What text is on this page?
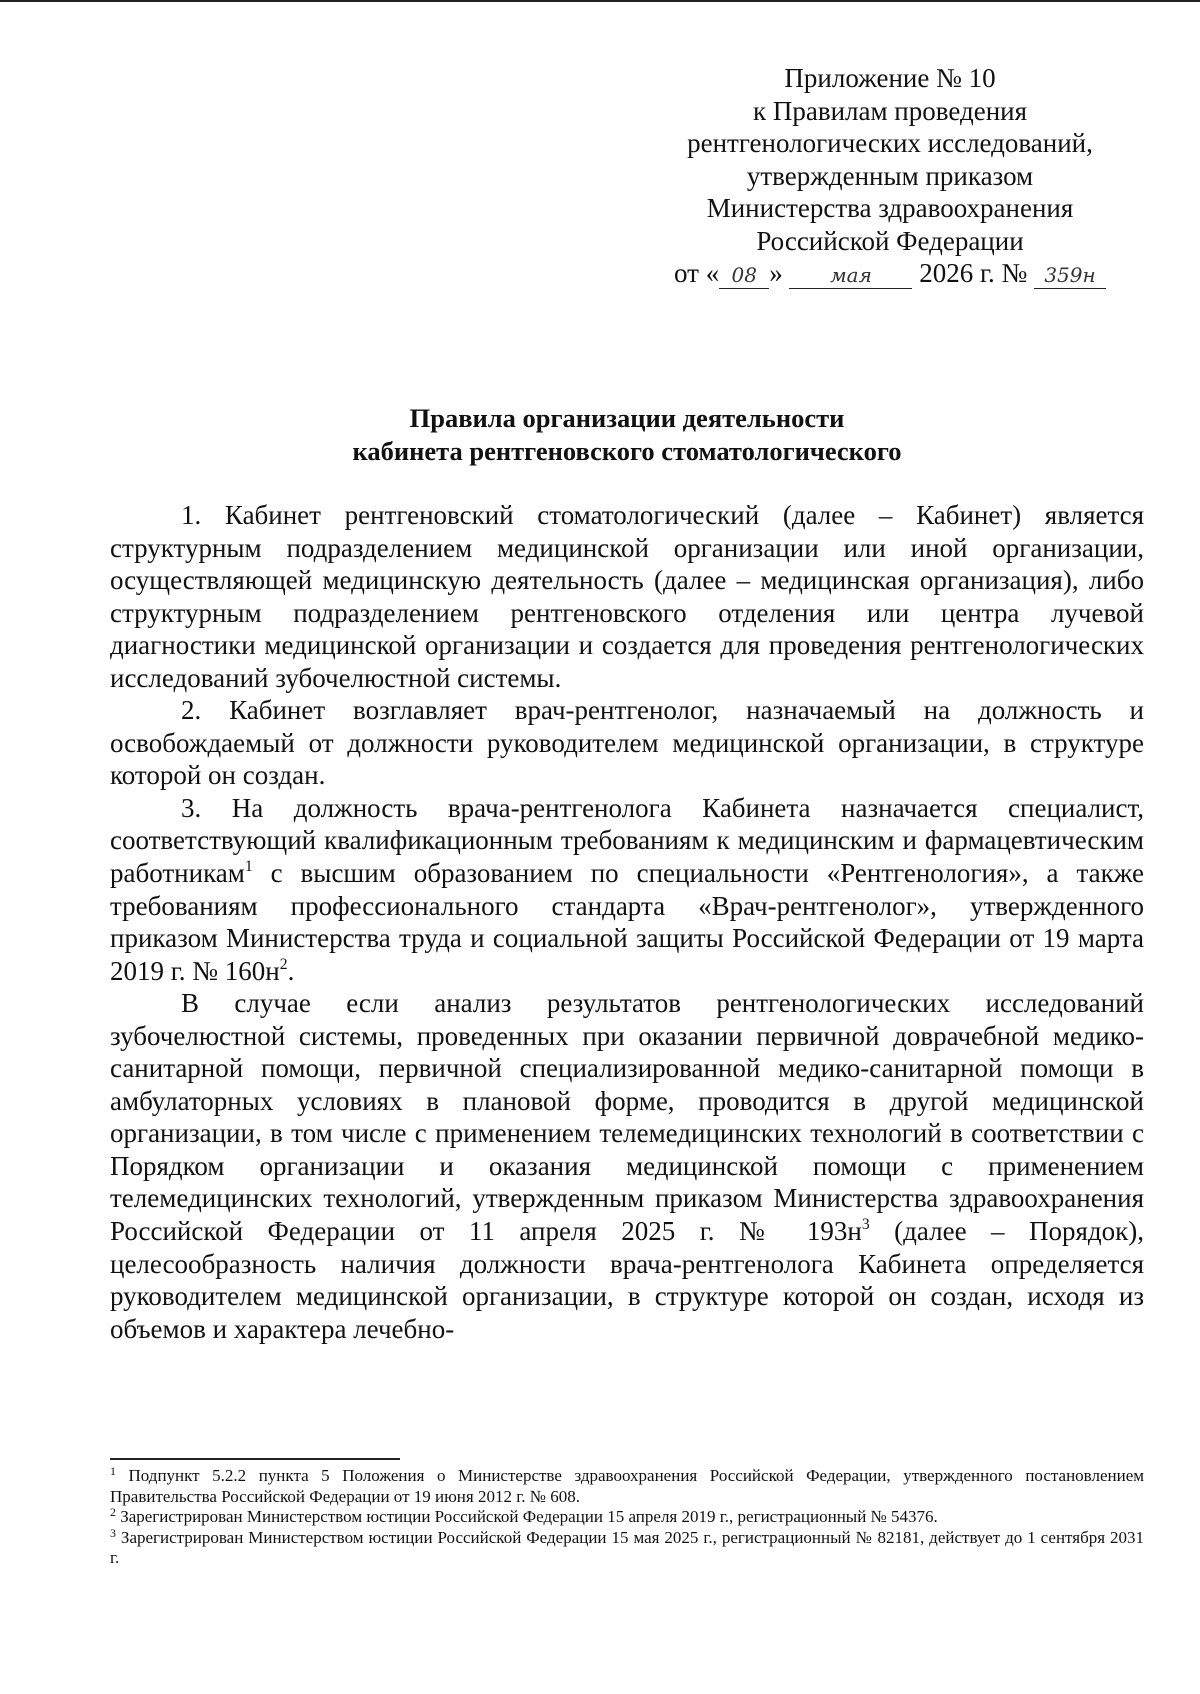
Приложение № 10
к Правилам проведения
рентгенологических исследований,
утвержденным приказом
Министерства здравоохранения
Российской Федерации
от « 08 » мая 2026 г. № 359н
Правила организации деятельности
кабинета рентгеновского стоматологического

1. Кабинет рентгеновский стоматологический (далее – Кабинет) является структурным подразделением медицинской организации или иной организации, осуществляющей медицинскую деятельность (далее – медицинская организация), либо структурным подразделением рентгеновского отделения или центра лучевой диагностики медицинской организации и создается для проведения рентгенологических исследований зубочелюстной системы.

2. Кабинет возглавляет врач-рентгенолог, назначаемый на должность и освобождаемый от должности руководителем медицинской организации, в структуре которой он создан.

3. На должность врача-рентгенолога Кабинета назначается специалист, соответствующий квалификационным требованиям к медицинским и фармацевтическим работникам$^1$ с высшим образованием по специальности «Рентгенология», а также требованиям профессионального стандарта «Врач-рентгенолог», утвержденного приказом Министерства труда и социальной защиты Российской Федерации от 19 марта 2019 г. № $160н^2$.

В случае если анализ результатов рентгенологических исследований зубочелюстной системы, проведенных при оказании первичной доврачебной медико-санитарной помощи, первичной специализированной медико-санитарной помощи в амбулаторных условиях в плановой форме, проводится в другой медицинской организации, в том числе с применением телемедицинских технологий в соответствии с Порядком организации и оказания медицинской помощи с применением телемедицинских технологий, утвержденным приказом Министерства здравоохранения Российской Федерации от 11 апреля 2025 г. № $193н^3$ (далее – Порядок), целесообразность наличия должности врача-рентгенолога Кабинета определяется руководителем медицинской организации, в структуре которой он создан, исходя из объемов и характера лечебно-

$^1$ Подпункт 5.2.2 пункта 5 Положения о Министерстве здравоохранения Российской Федерации, утвержденного постановлением Правительства Российской Федерации от 19 июня 2012 г. № 608.

$^2$ Зарегистрирован Министерством юстиции Российской Федерации 15 апреля 2019 г., регистрационный № 54376.

$^3$ Зарегистрирован Министерством юстиции Российской Федерации 15 мая 2025 г., регистрационный № 82181, действует до 1 сентября 2031 г.
